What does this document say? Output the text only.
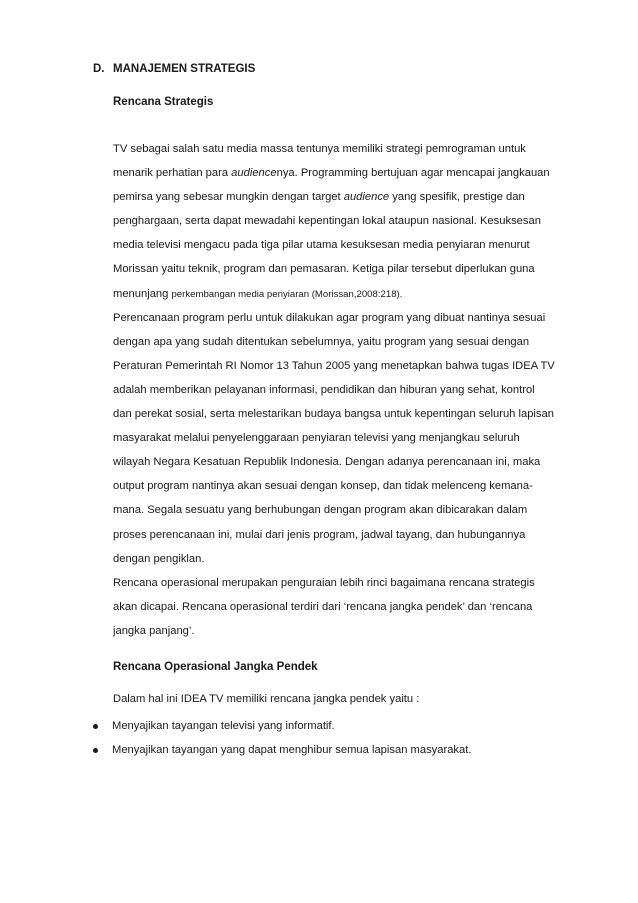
D. MANAJEMEN STRATEGIS
Rencana Strategis
TV sebagai salah satu media massa tentunya memiliki strategi pemrograman untuk
menarik perhatian para audiencenya. Programming bertujuan agar mencapai jangkauan
pemirsa yang sebesar mungkin dengan target audience yang spesifik, prestige dan
penghargaan, serta dapat mewadahi kepentingan lokal ataupun nasional. Kesuksesan
media televisi mengacu pada tiga pilar utama kesuksesan media penyiaran menurut
Morissan yaitu teknik, program dan pemasaran. Ketiga pilar tersebut diperlukan guna
menunjang perkembangan media penyiaran (Morissan,2008:218).
Perencanaan program perlu untuk dilakukan agar program yang dibuat nantinya sesuai
dengan apa yang sudah ditentukan sebelumnya, yaitu program yang sesuai dengan
Peraturan Pemerintah RI Nomor 13 Tahun 2005 yang menetapkan bahwa tugas IDEA TV
adalah memberikan pelayanan informasi, pendidikan dan hiburan yang sehat, kontrol
dan perekat sosial, serta melestarikan budaya bangsa untuk kepentingan seluruh lapisan
masyarakat melalui penyelenggaraan penyiaran televisi yang menjangkau seluruh
wilayah Negara Kesatuan Republik Indonesia. Dengan adanya perencanaan ini, maka
output program nantinya akan sesuai dengan konsep, dan tidak melenceng kemana-
mana. Segala sesuatu yang berhubungan dengan program akan dibicarakan dalam
proses perencanaan ini, mulai dari jenis program, jadwal tayang, dan hubungannya
dengan pengiklan.
Rencana operasional merupakan penguraian lebih rinci bagaimana rencana strategis
akan dicapai. Rencana operasional terdiri dari ‘rencana jangka pendek’ dan ‘rencana
jangka panjang’.
Rencana Operasional Jangka Pendek
Dalam hal ini IDEA TV memiliki rencana jangka pendek yaitu :
Menyajikan tayangan televisi yang informatif.
Menyajikan tayangan yang dapat menghibur semua lapisan masyarakat.
